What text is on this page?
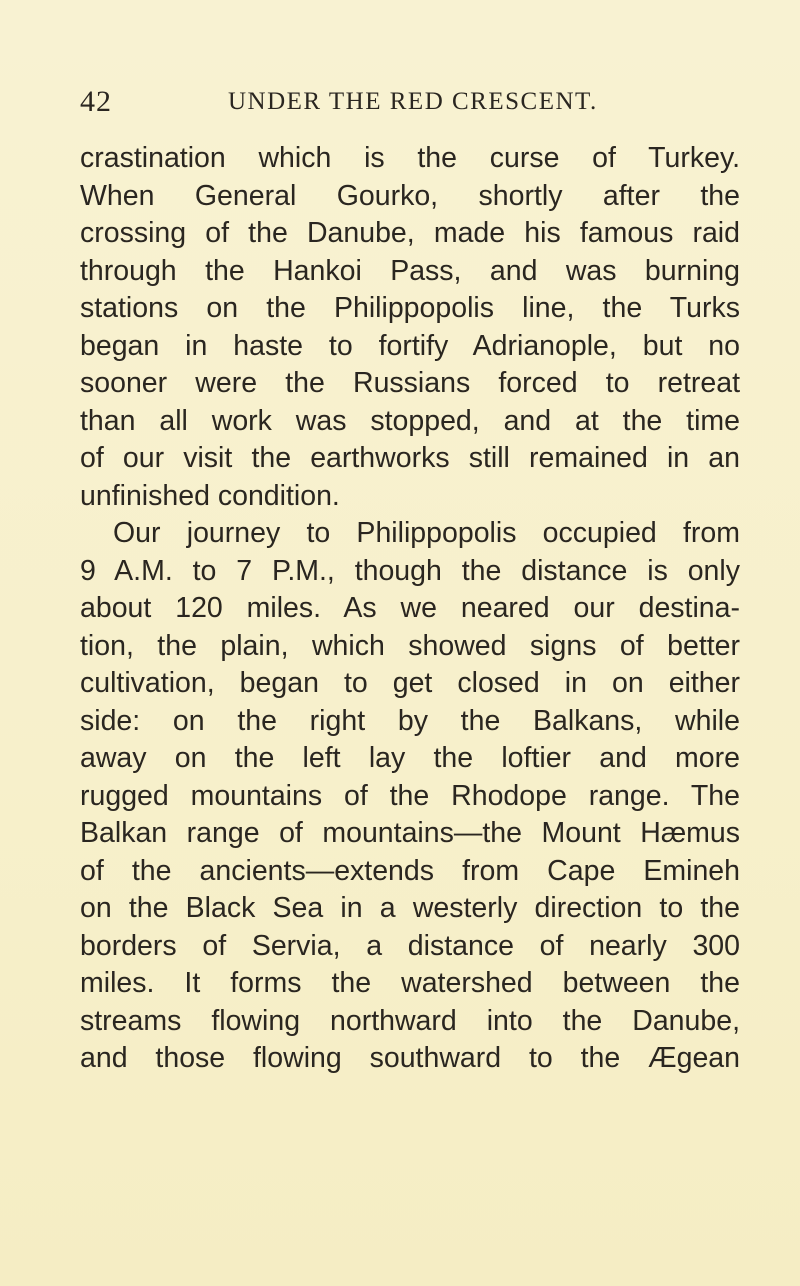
42	UNDER THE RED CRESCENT.
crastination which is the curse of Turkey.
When General Gourko, shortly after the
crossing of the Danube, made his famous raid
through the Hankoi Pass, and was burning
stations on the Philippopolis line, the Turks
began in haste to fortify Adrianople, but no
sooner were the Russians forced to retreat
than all work was stopped, and at the time
of our visit the earthworks still remained in an
unfinished condition.
Our journey to Philippopolis occupied from
9 A.M. to 7 P.M., though the distance is only
about 120 miles. As we neared our destina-
tion, the plain, which showed signs of better
cultivation, began to get closed in on either
side: on the right by the Balkans, while
away on the left lay the loftier and more
rugged mountains of the Rhodope range. The
Balkan range of mountains—the Mount Hæmus
of the ancients—extends from Cape Emineh
on the Black Sea in a westerly direction to the
borders of Servia, a distance of nearly 300
miles. It forms the watershed between the
streams flowing northward into the Danube,
and those flowing southward to the Ægean
